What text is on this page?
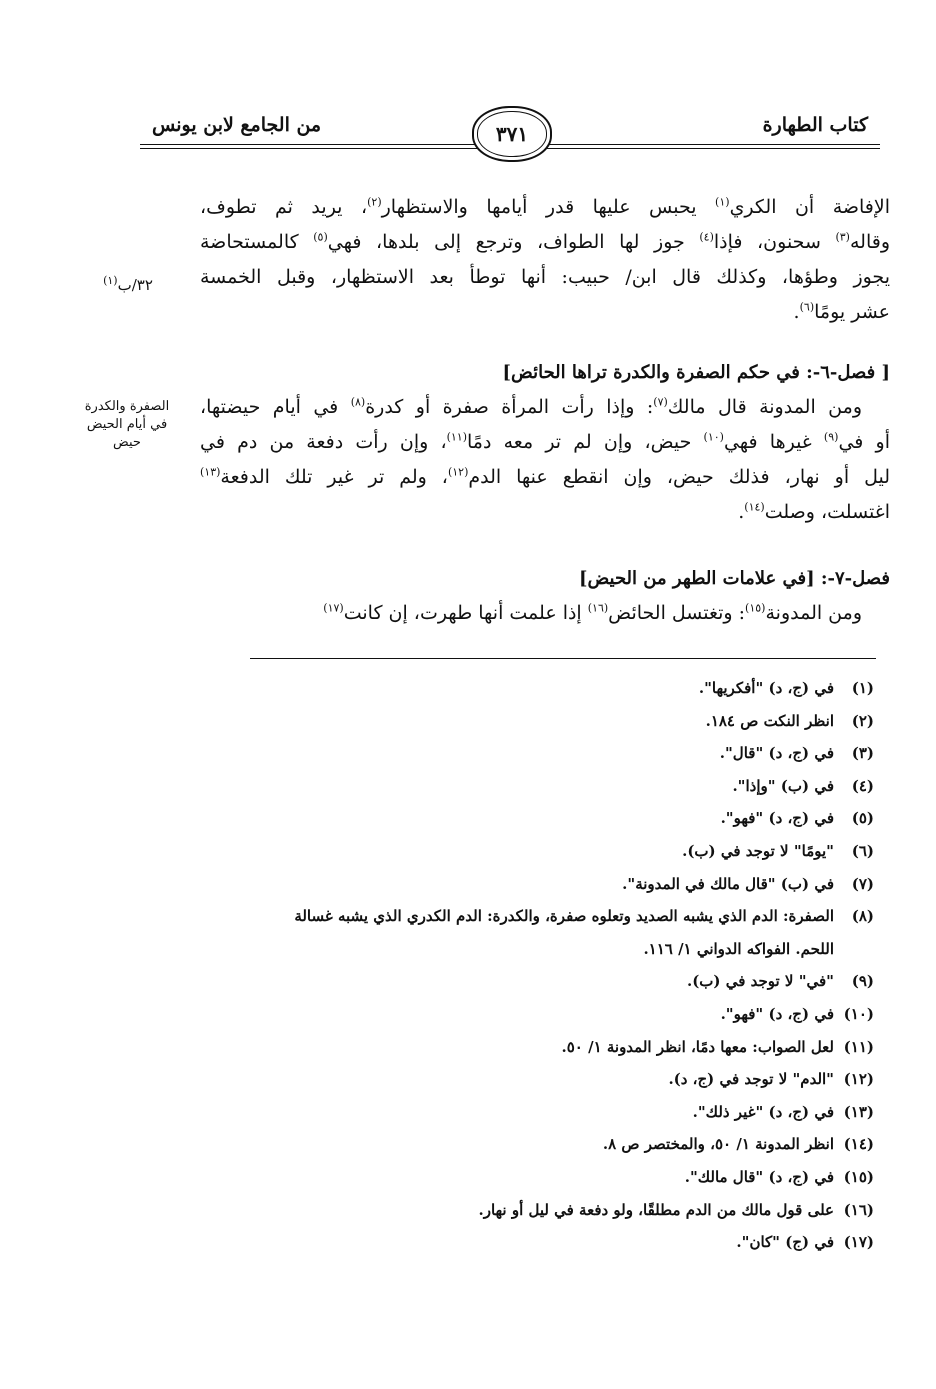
كتاب الطهارة
٣٧١
من الجامع لابن يونس
الإفاضة أن الكري$^{(١)}$ يحبس عليها قدر أيامها والاستظهار$^{(٢)}$، يريد ثم تطوف،
وقاله$^{(٣)}$ سحنون، فإذا$^{(٤)}$ جوز لها الطواف، وترجع إلى بلدها، فهي$^{(٥)}$ كالمستحاضة
يجوز وطؤها، وكذلك قال ابن/ حبيب: أنها توطأ بعد الاستظهار، وقبل الخمسة
عشر يومًا$^{(٦)}$.
[ فصل-٦-: في حكم الصفرة والكدرة تراها الحائض]
ومن المدونة قال مالك$^{(٧)}$: وإذا رأت المرأة صفرة أو كدرة$^{(٨)}$ في أيام حيضتها،
أو في$^{(٩)}$ غيرها فهي$^{(١٠)}$ حيض، وإن لم تر معه دمًا$^{(١١)}$، وإن رأت دفعة من دم في
ليل أو نهار، فذلك حيض، وإن انقطع عنها الدم$^{(١٢)}$، ولم تر غير تلك الدفعة$^{(١٣)}$
اغتسلت، وصلت$^{(١٤)}$.
فصل-٧-: [في علامات الطهر من الحيض]
ومن المدونة$^{(١٥)}$: وتغتسل الحائض$^{(١٦)}$ إذا علمت أنها طهرت، إن كانت$^{(١٧)}$
٣٢/ب$^{(١)}$
الصفرة والكدرة
في أيام الحيض
حيض
(١)في (ج، د) "أفكريها".
(٢)انظر النكت ص ١٨٤.
(٣)في (ج، د) "قال".
(٤)في (ب) "وإذا".
(٥)في (ج، د) "فهو".
(٦)"يومًا" لا توجد في (ب).
(٧)في (ب) "قال مالك في المدونة".
(٨)الصفرة: الدم الذي يشبه الصديد وتعلوه صفرة، والكدرة: الدم الكدري الذي يشبه غسالة
اللحم. الفواكه الدواني ١/ ١١٦.
(٩)"في" لا توجد في (ب).
(١٠)في (ج، د) "فهو".
(١١)لعل الصواب: معها دمًا، انظر المدونة ١/ ٥٠.
(١٢)"الدم" لا توجد في (ج، د).
(١٣)في (ج، د) "غير ذلك".
(١٤)انظر المدونة ١/ ٥٠، والمختصر ص ٨.
(١٥)في (ج، د) "قال مالك".
(١٦)على قول مالك من الدم مطلقًا، ولو دفعة في ليل أو نهار.
(١٧)في (ج) "كان".
